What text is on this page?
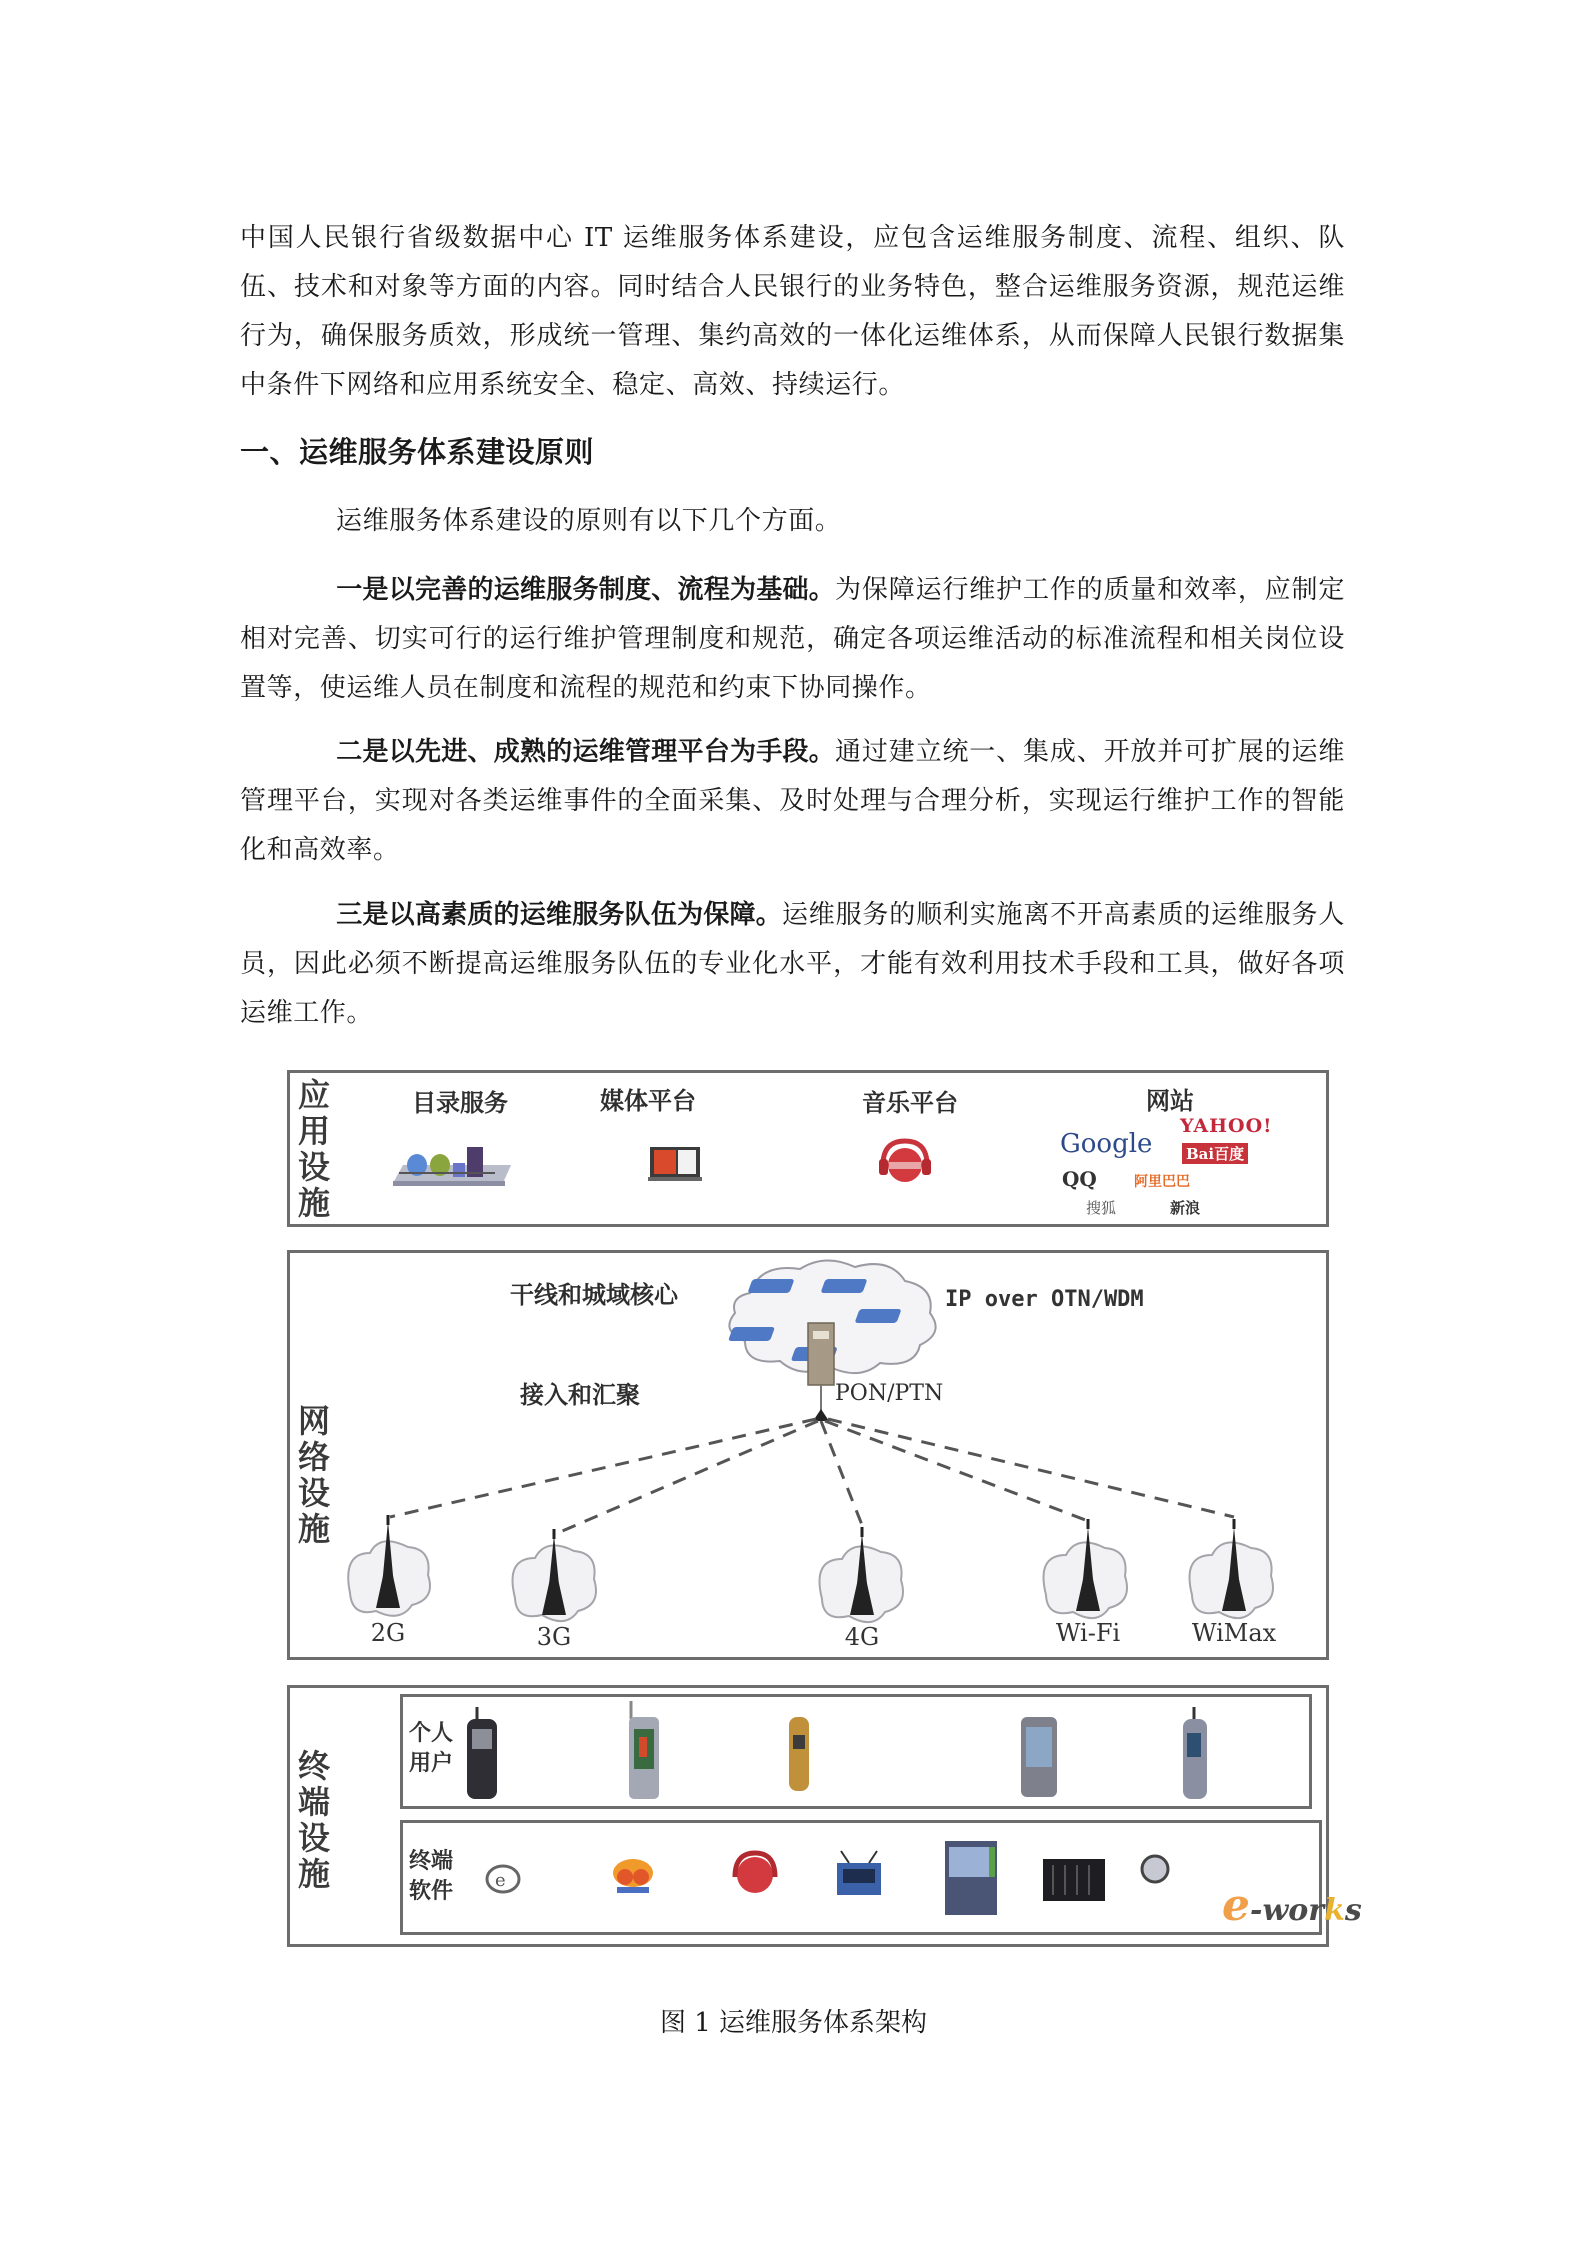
中国人民银行省级数据中心 IT 运维服务体系建设，应包含运维服务制度、流程、组织、队伍、技术和对象等方面的内容。同时结合人民银行的业务特色，整合运维服务资源，规范运维行为，确保服务质效，形成统一管理、集约高效的一体化运维体系，从而保障人民银行数据集中条件下网络和应用系统安全、稳定、高效、持续运行。

一、运维服务体系建设原则

运维服务体系建设的原则有以下几个方面。

一是以完善的运维服务制度、流程为基础。为保障运行维护工作的质量和效率，应制定相对完善、切实可行的运行维护管理制度和规范，确定各项运维活动的标准流程和相关岗位设置等，使运维人员在制度和流程的规范和约束下协同操作。

二是以先进、成熟的运维管理平台为手段。通过建立统一、集成、开放并可扩展的运维管理平台，实现对各类运维事件的全面采集、及时处理与合理分析，实现运行维护工作的智能化和高效率。

三是以高素质的运维服务队伍为保障。运维服务的顺利实施离不开高素质的运维服务人员，因此必须不断提高运维服务队伍的专业化水平，才能有效利用技术手段和工具，做好各项运维工作。

应用设施
目录服务	媒体平台	音乐平台	网站
Google
YAHOO!
Bai百度
QQ	阿里巴巴
搜狐	新浪
网络设施
干线和城域核心	IP over OTN/WDM
接入和汇聚	PON/PTN
2G	3G	4G	Wi-Fi	WiMax
终端设施
个人用户
终端软件	e	e-works
图 1 运维服务体系架构
